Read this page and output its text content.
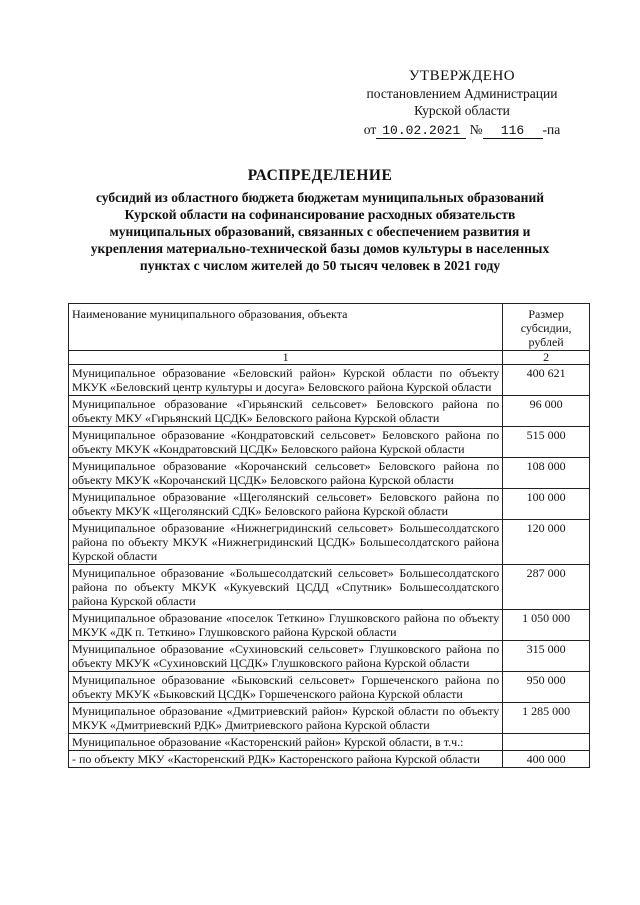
УТВЕРЖДЕНО
постановлением Администрации
Курской области
от 10.02.2021 № 116 -па
РАСПРЕДЕЛЕНИЕ
субсидий из областного бюджета бюджетам муниципальных образований Курской области на софинансирование расходных обязательств муниципальных образований, связанных с обеспечением развития и укрепления материально-технической базы домов культуры в населенных пунктах с числом жителей до 50 тысяч человек в 2021 году
Наименование муниципального образования, объекта	Размер субсидии, рублей
1	2
Муниципальное образование «Беловский район» Курской области по объекту МКУК «Беловский центр культуры и досуга» Беловского района Курской области	400 621
Муниципальное образование «Гирьянский сельсовет» Беловского района по объекту МКУ «Гирьянский ЦСДК» Беловского района Курской области	96 000
Муниципальное образование «Кондратовский сельсовет» Беловского района по объекту МКУК «Кондратовский ЦСДК» Беловского района Курской области	515 000
Муниципальное образование «Корочанский сельсовет» Беловского района по объекту МКУК «Корочанский ЦСДК» Беловского района Курской области	108 000
Муниципальное образование «Щеголянский сельсовет» Беловского района по объекту МКУК «Щеголянский СДК» Беловского района Курской области	100 000
Муниципальное образование «Нижнегридинский сельсовет» Большесолдатского района по объекту МКУК «Нижнегридинский ЦСДК» Большесолдатского района Курской области	120 000
Муниципальное образование «Большесолдатский сельсовет» Большесолдатского района по объекту МКУК «Кукуевский ЦСДД «Спутник» Большесолдатского района Курской области	287 000
Муниципальное образование «поселок Теткино» Глушковского района по объекту МКУК «ДК п. Теткино» Глушковского района Курской области	1 050 000
Муниципальное образование «Сухиновский сельсовет» Глушковского района по объекту МКУК «Сухиновский ЦСДК» Глушковского района Курской области	315 000
Муниципальное образование «Быковский сельсовет» Горшеченского района по объекту МКУК «Быковский ЦСДК» Горшеченского района Курской области	950 000
Муниципальное образование «Дмитриевский район» Курской области по объекту МКУК «Дмитриевский РДК» Дмитриевского района Курской области	1 285 000
Муниципальное образование «Касторенский район» Курской области, в т.ч.:	
- по объекту МКУ «Касторенский РДК» Касторенского района Курской области	400 000
